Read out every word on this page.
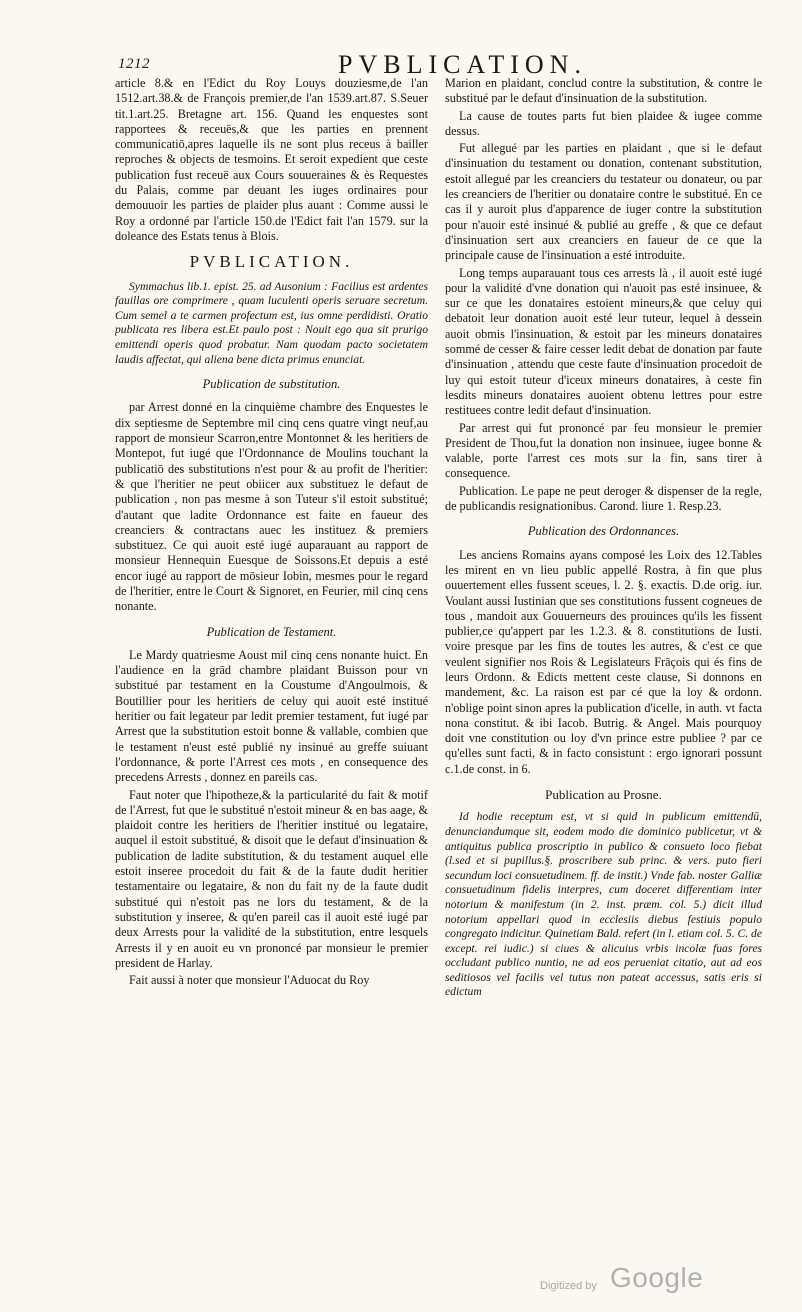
1212	PVBLICATION.

article 8.& en l'Edict du Roy Louys douziesme,de l'an 1512.art.38.& de François premier,de l'an 1539.art.87. S.Seuer tit.1.art.25. Bretagne art. 156. Quand les enquestes sont rapportees & receuës,& que les parties en prennent communicatiō,apres laquelle ils ne sont plus receus à bailler reproches & objects de tesmoins. Et seroit expedient que ceste publication fust receuë aux Cours souueraines & ès Requestes du Palais, comme par deuant les iuges ordinaires pour demouuoir les parties de plaider plus auant : Comme aussi le Roy a ordonné par l'article 150.de l'Edict fait l'an 1579. sur la doleance des Estats tenus à Blois.

PVBLICATION.

Symmachus lib.1. epist. 25. ad Ausonium : Facilius est ardentes fauillas ore comprimere , quam luculenti operis seruare secretum. Cum semel a te carmen profectum est, ius omne perdidisti. Oratio publicata res libera est.Et paulo post : Nouit ego qua sit prurigo emittendi operis quod probatur. Nam quodam pacto societatem laudis affectat, qui aliena bene dicta primus enunciat.

Publication de substitution.

par Arrest donné en la cinquième chambre des Enquestes le dix septiesme de Septembre mil cinq cens quatre vingt neuf,au rapport de monsieur Scarron,entre Montonnet & les heritiers de Montepot, fut iugé que l'Ordonnance de Moulins touchant la publicatiō des substitutions n'est pour & au profit de l'heritier: & que l'heritier ne peut obiicer aux substituez le defaut de publication , non pas mesme à son Tuteur s'il estoit substitué; d'autant que ladite Ordonnance est faite en faueur des creanciers & contractans auec les instituez & premiers substituez. Ce qui auoit esté iugé auparauant au rapport de monsieur Hennequin Euesque de Soissons.Et depuis a esté encor iugé au rapport de mōsieur Iobin, mesmes pour le regard de l'heritier, entre le Court & Signoret, en Feurier, mil cinq cens nonante.

Publication de Testament.

Le Mardy quatriesme Aoust mil cinq cens nonante huict. En l'audience en la grād chambre plaidant Buisson pour vn substitué par testament en la Coustume d'Angoulmois, & Boutillier pour les heritiers de celuy qui auoit esté institué heritier ou fait legateur par ledit premier testament, fut iugé par Arrest que la substitution estoit bonne & vallable, combien que le testament n'eust esté publié ny insinué au greffe suiuant l'ordonnance, & porte l'Arrest ces mots , en consequence des precedens Arrests , donnez en pareils cas.

Faut noter que l'hipotheze,& la particularité du fait & motif de l'Arrest, fut que le substitué n'estoit mineur & en bas aage, & plaidoit contre les heritiers de l'heritier institué ou legataire, auquel il estoit substitué, & disoit que le defaut d'insinuation & publication de ladite substitution, & du testament auquel elle estoit inseree procedoit du fait & de la faute dudit heritier testamentaire ou legataire, & non du fait ny de la faute dudit substitué qui n'estoit pas ne lors du testament, & de la substitution y inseree, & qu'en pareil cas il auoit esté iugé par deux Arrests pour la validité de la substitution, entre lesquels Arrests il y en auoit eu vn prononcé par monsieur le premier president de Harlay.

Fait aussi à noter que monsieur l'Aduocat du Roy

Marion en plaidant, conclud contre la substitution, & contre le substitué par le defaut d'insinuation de la substitution.

La cause de toutes parts fut bien plaidee & iugee comme dessus.

Fut allegué par les parties en plaidant , que si le defaut d'insinuation du testament ou donation, contenant substitution, estoit allegué par les creanciers du testateur ou donateur, ou par les creanciers de l'heritier ou donataire contre le substitué. En ce cas il y auroit plus d'apparence de iuger contre la substitution pour n'auoir esté insinué & publié au greffe , & que ce defaut d'insinuation sert aux creanciers en faueur de ce que la principale cause de l'insinuation a esté introduite.

Long temps auparauant tous ces arrests là , il auoit esté iugé pour la validité d'vne donation qui n'auoit pas esté insinuee, & sur ce que les donataires estoient mineurs,& que celuy qui debatoit leur donation auoit esté leur tuteur, lequel à dessein auoit obmis l'insinuation, & estoit par les mineurs donataires sommé de cesser & faire cesser ledit debat de donation par faute d'insinuation , attendu que ceste faute d'insinuation procedoit de luy qui estoit tuteur d'iceux mineurs donataires, à ceste fin lesdits mineurs donataires auoient obtenu lettres pour estre restituees contre ledit defaut d'insinuation.

Par arrest qui fut prononcé par feu monsieur le premier President de Thou,fut la donation non insinuee, iugee bonne & valable, porte l'arrest ces mots sur la fin, sans tirer à consequence.

Publication. Le pape ne peut deroger & dispenser de la regle, de publicandis resignationibus. Carond. liure 1. Resp.23.

Publication des Ordonnances.

Les anciens Romains ayans composé les Loix des 12.Tables les mirent en vn lieu public appellé Rostra, à fin que plus ouuertement elles fussent sceues, l. 2. §. exactis. D.de orig. iur. Voulant aussi Iustinian que ses constitutions fussent cogneues de tous , mandoit aux Gouuerneurs des prouinces qu'ils les fissent publier,ce qu'appert par les 1.2.3. & 8. constitutions de Iusti. voire presque par les fins de toutes les autres, & c'est ce que veulent signifier nos Rois & Legislateurs Frāçois qui és fins de leurs Ordonn. & Edicts mettent ceste clause, Si donnons en mandement, &c. La raison est par cé que la loy & ordonn. n'oblige point sinon apres la publication d'icelle, in auth. vt facta nona constitut. & ibi Iacob. Butrig. & Angel. Mais pourquoy doit vne constitution ou loy d'vn prince estre publiee ? par ce qu'elles sunt facti, & in facto consistunt : ergo ignorari possunt c.1.de const. in 6.

Publication au Prosne.

Id hodie receptum est, vt si quid in publicum emittendū, denunciandumque sit, eodem modo die dominico publicetur, vt & antiquitus publica proscriptio in publico & consueto loco fiebat (l.sed et si pupillus.§. proscribere sub princ. & vers. puto fieri secundum loci consuetudinem. ff. de instit.) Vnde fab. noster Galliæ consuetudinum fidelis interpres, cum doceret differentiam inter notorium & manifestum (in 2. inst. præm. col. 5.) dicit illud notorium appellari quod in ecclesiis diebus festiuis populo congregato indicitur. Quinetiam Bald. refert (in l. etiam col. 5. C. de except. rei iudic.) si ciues & alicuius vrbis incolæ fuas fores occludant publico nuntio, ne ad eos perueniat citatio, aut ad eos seditiosos vel facilis vel tutus non pateat accessus, satis eris si edictum

Digitized by Google
